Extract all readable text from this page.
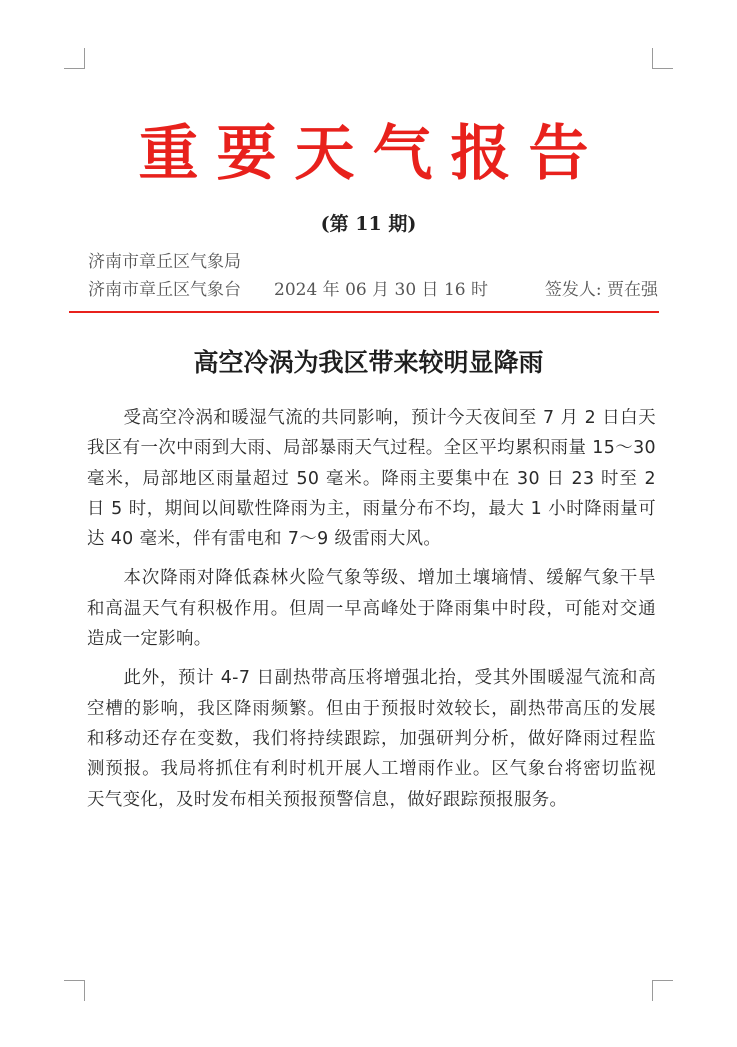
重要天气报告
(第 11 期)
济南市章丘区气象局
济南市章丘区气象台	2024 年 06 月 30 日 16 时	签发人: 贾在强
高空冷涡为我区带来较明显降雨

受高空冷涡和暖湿气流的共同影响，预计今天夜间至 7 月 2 日白天我区有一次中雨到大雨、局部暴雨天气过程。全区平均累积雨量 15～30 毫米，局部地区雨量超过 50 毫米。降雨主要集中在 30 日 23 时至 2 日 5 时，期间以间歇性降雨为主，雨量分布不均，最大 1 小时降雨量可达 40 毫米，伴有雷电和 7～9 级雷雨大风。

本次降雨对降低森林火险气象等级、增加土壤墒情、缓解气象干旱和高温天气有积极作用。但周一早高峰处于降雨集中时段，可能对交通造成一定影响。

此外，预计 4-7 日副热带高压将增强北抬，受其外围暖湿气流和高空槽的影响，我区降雨频繁。但由于预报时效较长，副热带高压的发展和移动还存在变数，我们将持续跟踪，加强研判分析，做好降雨过程监测预报。我局将抓住有利时机开展人工增雨作业。区气象台将密切监视天气变化，及时发布相关预报预警信息，做好跟踪预报服务。
